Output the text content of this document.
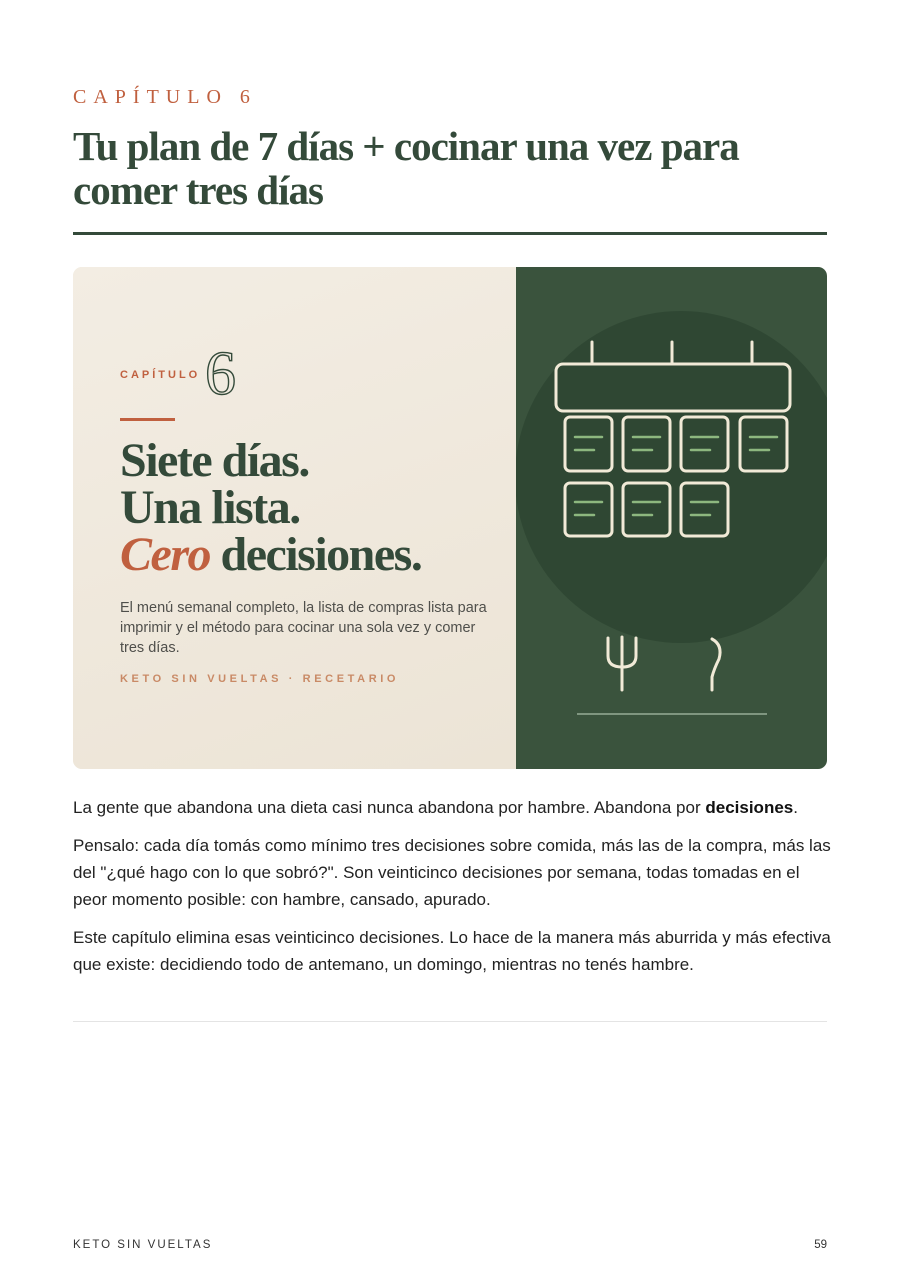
CAPÍTULO 6
Tu plan de 7 días + cocinar una vez para comer tres días
CAPÍTULO 6
Siete días.
Una lista.
Cero decisiones.
El menú semanal completo, la lista de compras lista para imprimir y el método para cocinar una sola vez y comer tres días.
KETO SIN VUELTAS · RECETARIO

La gente que abandona una dieta casi nunca abandona por hambre. Abandona por decisiones.

Pensalo: cada día tomás como mínimo tres decisiones sobre comida, más las de la compra, más las del "¿qué hago con lo que sobró?". Son veinticinco decisiones por semana, todas tomadas en el peor momento posible: con hambre, cansado, apurado.

Este capítulo elimina esas veinticinco decisiones. Lo hace de la manera más aburrida y más efectiva que existe: decidiendo todo de antemano, un domingo, mientras no tenés hambre.

KETO SIN VUELTAS	59
